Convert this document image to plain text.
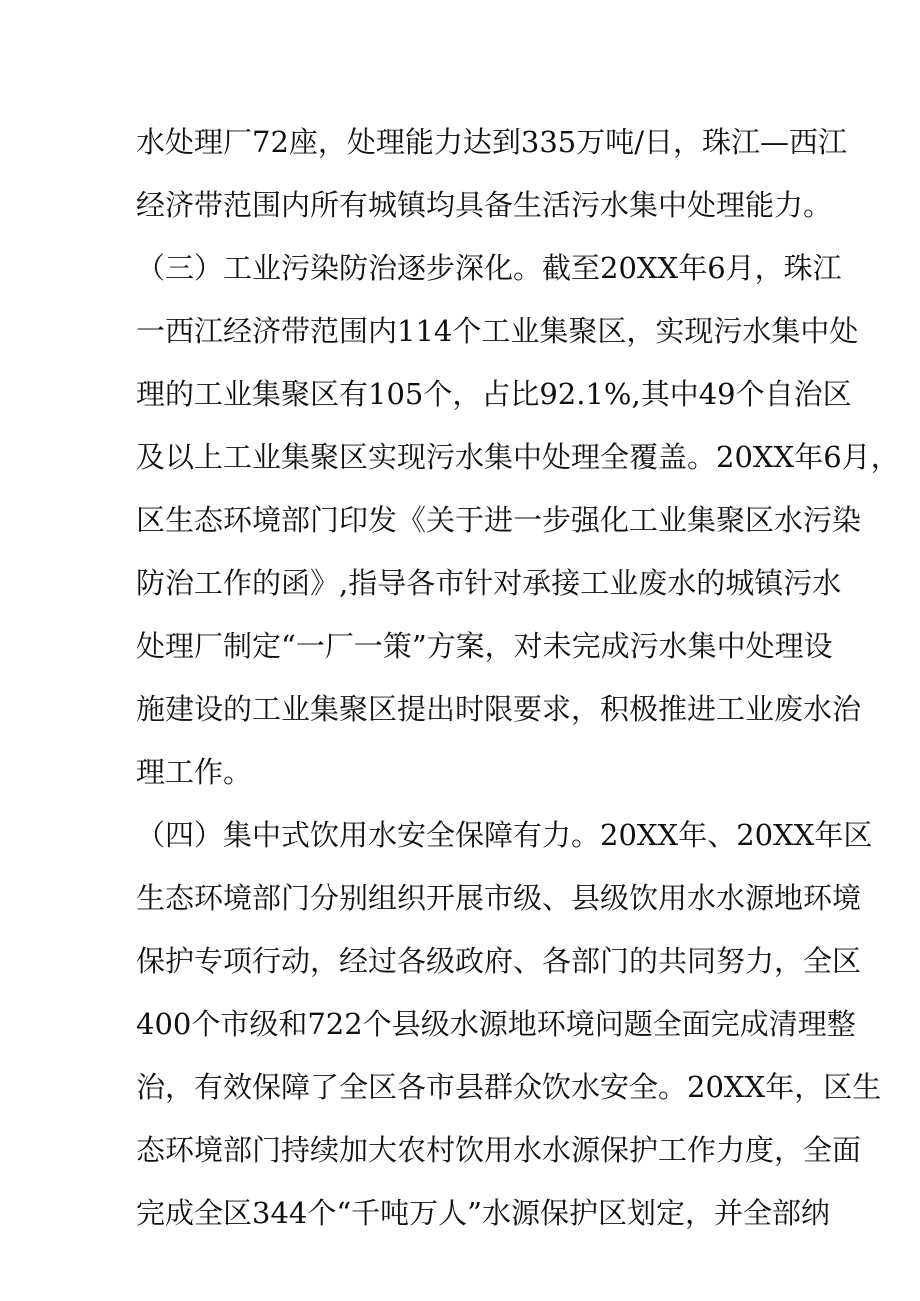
水处理厂72座，处理能力达到335万吨/日，珠江—西江
经济带范围内所有城镇均具备生活污水集中处理能力。
（三）工业污染防治逐步深化。截至20XX年6月，珠江
一西江经济带范围内114个工业集聚区，实现污水集中处
理的工业集聚区有105个，占比92.1%,其中49个自治区
及以上工业集聚区实现污水集中处理全覆盖。20XX年6月，
区生态环境部门印发《关于进一步强化工业集聚区水污染
防治工作的函》,指导各市针对承接工业废水的城镇污水
处理厂制定“一厂一策”方案，对未完成污水集中处理设
施建设的工业集聚区提出时限要求，积极推进工业废水治
理工作。
（四）集中式饮用水安全保障有力。20XX年、20XX年区
生态环境部门分别组织开展市级、县级饮用水水源地环境
保护专项行动，经过各级政府、各部门的共同努力，全区
400个市级和722个县级水源地环境问题全面完成清理整
治，有效保障了全区各市县群众饮水安全。20XX年，区生
态环境部门持续加大农村饮用水水源保护工作力度，全面
完成全区344个“千吨万人”水源保护区划定，并全部纳
